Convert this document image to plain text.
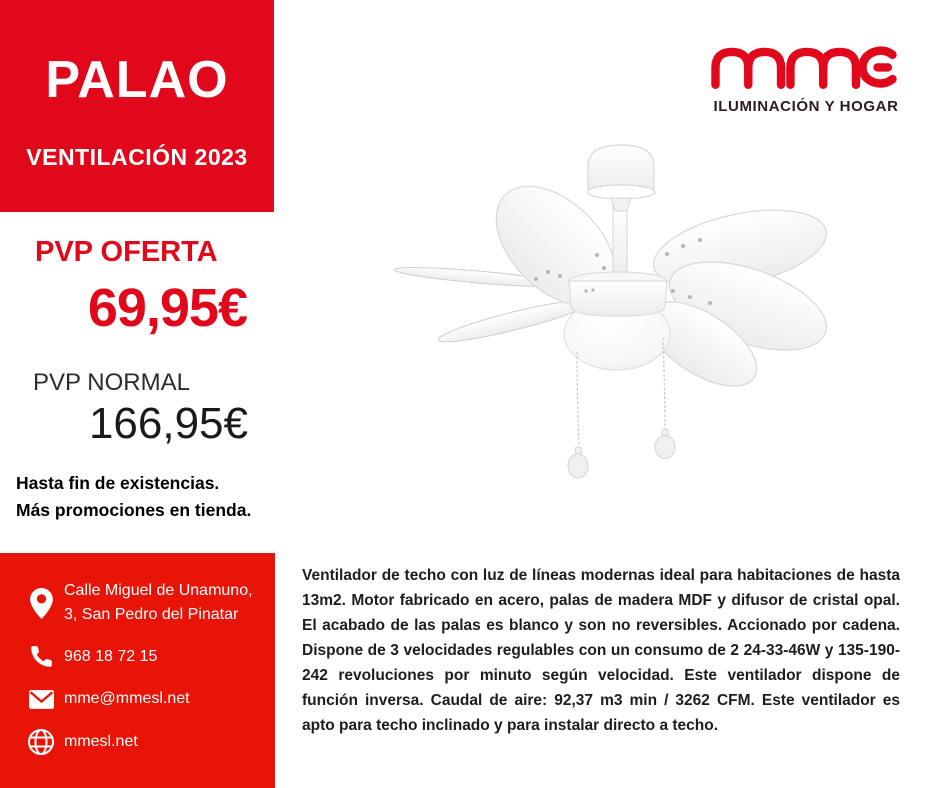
PALAO
VENTILACIÓN 2023
ILUMINACIÓN Y HOGAR
PVP OFERTA
69,95€
PVP NORMAL
166,95€
Hasta fin de existencias.
Más promociones en tienda.
Calle Miguel de Unamuno,
3, San Pedro del Pinatar
968 18 72 15
mme@mmesl.net
mmesl.net

Ventilador de techo con luz de líneas modernas ideal para habitaciones de hasta 13m2. Motor fabricado en acero, palas de madera MDF y difusor de cristal opal. El acabado de las palas es blanco y son no reversibles. Accionado por cadena. Dispone de 3 velocidades regulables con un consumo de 2 24-33-46W y 135-190-242 revoluciones por minuto según velocidad. Este ventilador dispone de función inversa. Caudal de aire: 92,37 m3 min / 3262 CFM. Este ventilador es apto para techo inclinado y para instalar directo a techo.
